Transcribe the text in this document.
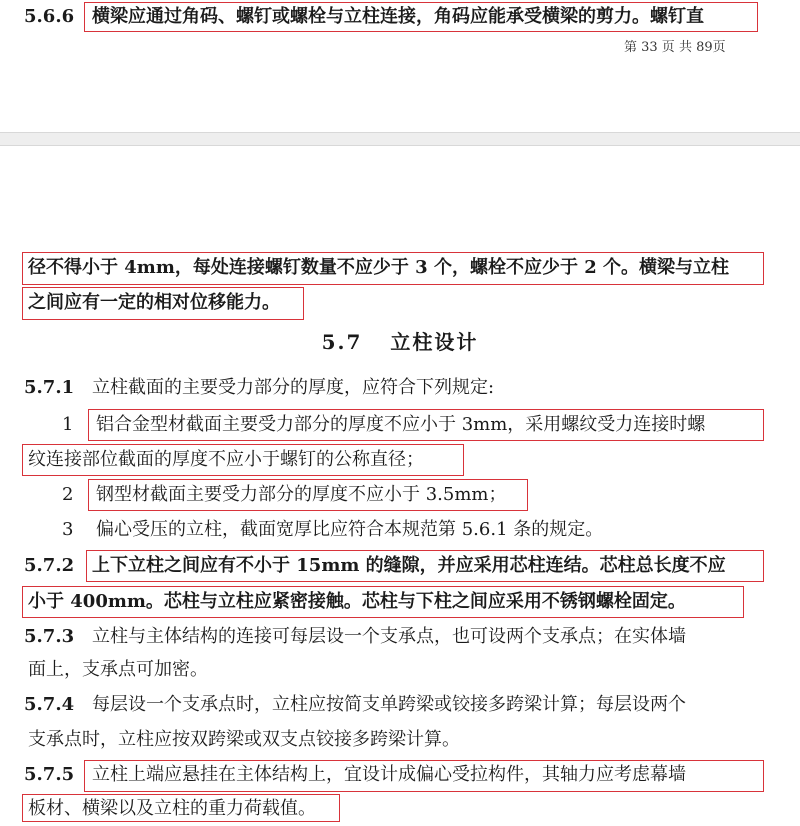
5.6.6 横梁应通过角码、螺钉或螺栓与立柱连接，角码应能承受横梁的剪力。螺钉直
第 33 页 共 89页
径不得小于 4mm，每处连接螺钉数量不应少于 3 个，螺栓不应少于 2 个。横梁与立柱
之间应有一定的相对位移能力。
5.7 立柱设计
5.7.1 立柱截面的主要受力部分的厚度，应符合下列规定:
1 铝合金型材截面主要受力部分的厚度不应小于 3mm，采用螺纹受力连接时螺
纹连接部位截面的厚度不应小于螺钉的公称直径；
2 钢型材截面主要受力部分的厚度不应小于 3.5mm；
3 偏心受压的立柱，截面宽厚比应符合本规范第 5.6.1 条的规定。
5.7.2 上下立柱之间应有不小于 15mm 的缝隙，并应采用芯柱连结。芯柱总长度不应
小于 400mm。芯柱与立柱应紧密接触。芯柱与下柱之间应采用不锈钢螺栓固定。
5.7.3 立柱与主体结构的连接可每层设一个支承点，也可设两个支承点；在实体墙
面上，支承点可加密。
5.7.4 每层设一个支承点时，立柱应按简支单跨梁或铰接多跨梁计算；每层设两个
支承点时，立柱应按双跨梁或双支点铰接多跨梁计算。
5.7.5 立柱上端应悬挂在主体结构上，宜设计成偏心受拉构件，其轴力应考虑幕墙
板材、横梁以及立柱的重力荷载值。
